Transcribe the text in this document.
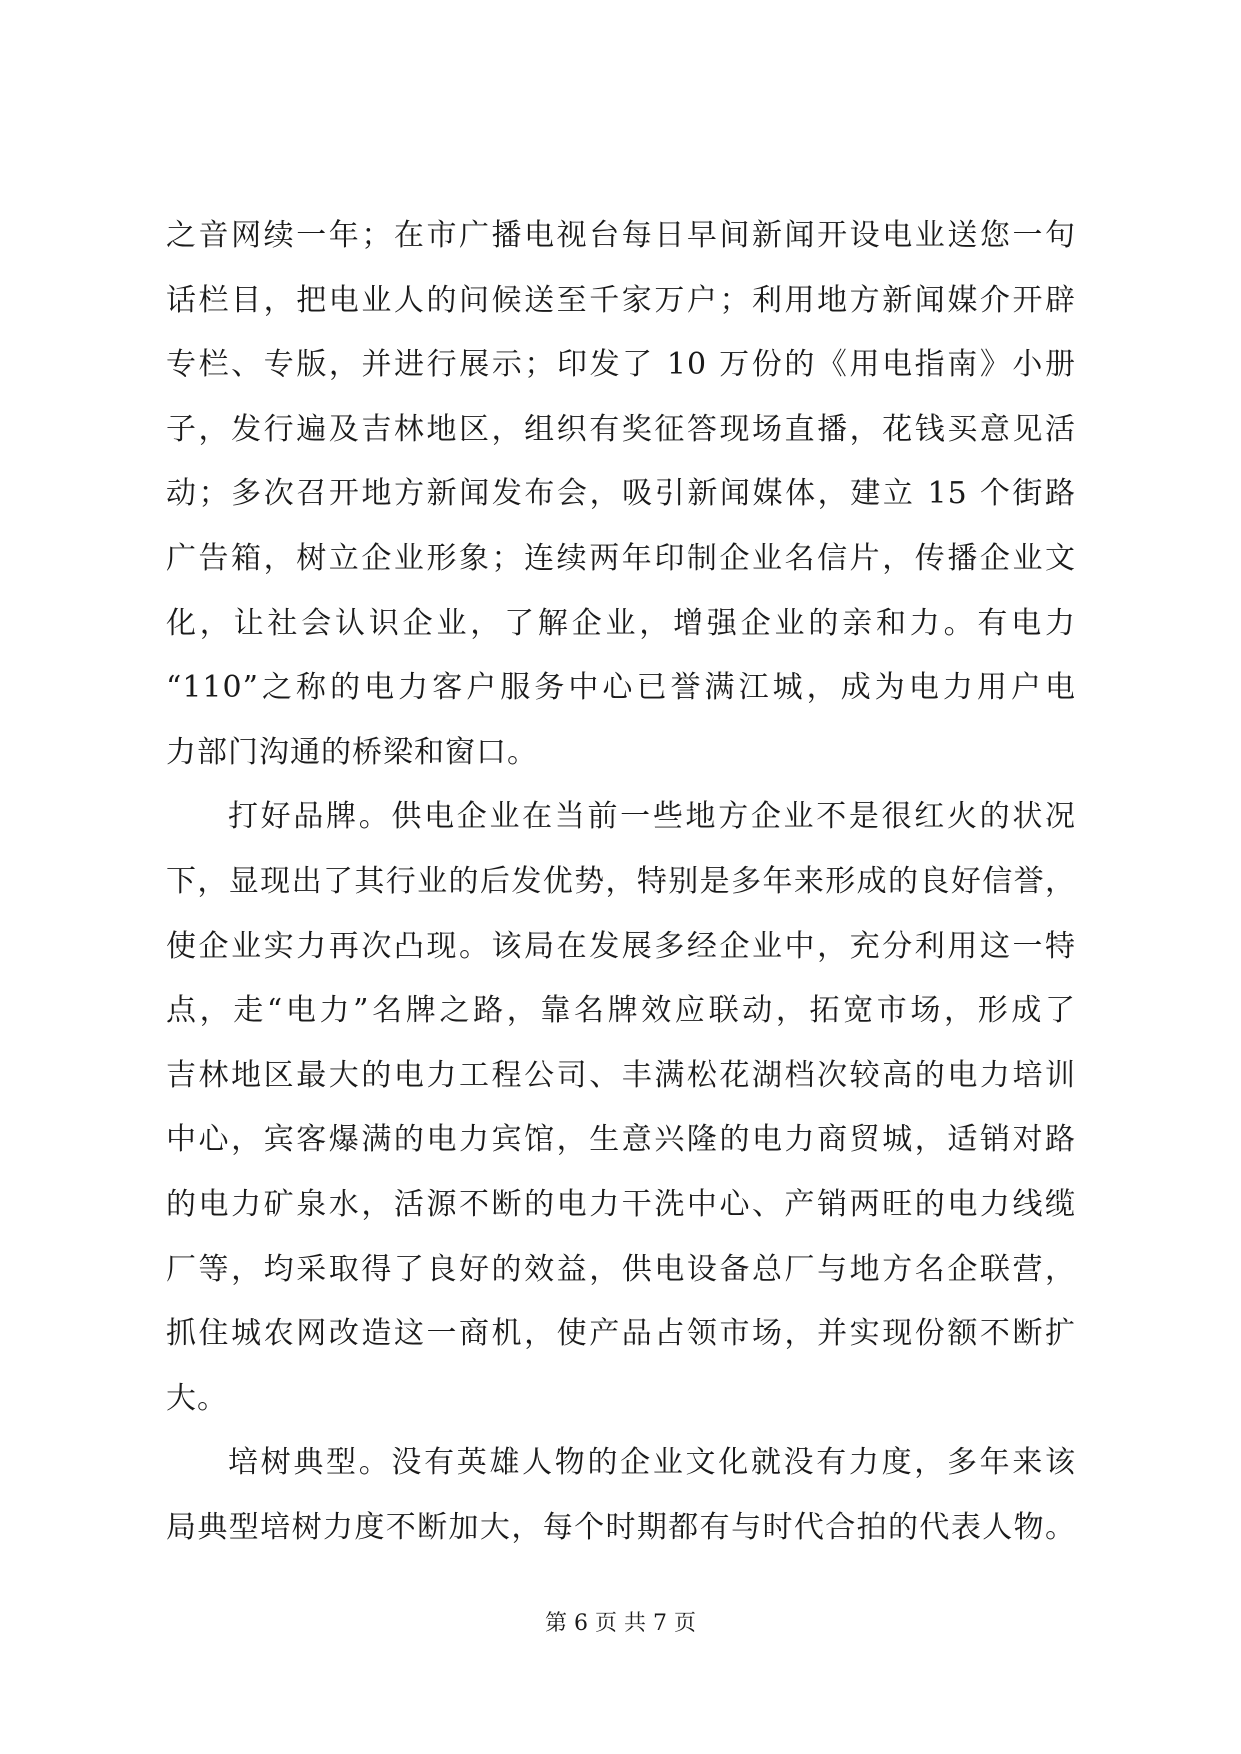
之音网续一年；在市广播电视台每日早间新闻开设电业送您一句
话栏目，把电业人的问候送至千家万户；利用地方新闻媒介开辟
专栏、专版，并进行展示；印发了 10 万份的《用电指南》小册
子，发行遍及吉林地区，组织有奖征答现场直播，花钱买意见活
动；多次召开地方新闻发布会，吸引新闻媒体，建立 15 个街路
广告箱，树立企业形象；连续两年印制企业名信片，传播企业文
化，让社会认识企业，了解企业，增强企业的亲和力。有电力
“110”之称的电力客户服务中心已誉满江城，成为电力用户电
力部门沟通的桥梁和窗口。
打好品牌。供电企业在当前一些地方企业不是很红火的状况
下，显现出了其行业的后发优势，特别是多年来形成的良好信誉，
使企业实力再次凸现。该局在发展多经企业中，充分利用这一特
点，走“电力”名牌之路，靠名牌效应联动，拓宽市场，形成了
吉林地区最大的电力工程公司、丰满松花湖档次较高的电力培训
中心，宾客爆满的电力宾馆，生意兴隆的电力商贸城，适销对路
的电力矿泉水，活源不断的电力干洗中心、产销两旺的电力线缆
厂等，均采取得了良好的效益，供电设备总厂与地方名企联营，
抓住城农网改造这一商机，使产品占领市场，并实现份额不断扩
大。
培树典型。没有英雄人物的企业文化就没有力度，多年来该
局典型培树力度不断加大，每个时期都有与时代合拍的代表人物。
第 6 页 共 7 页
